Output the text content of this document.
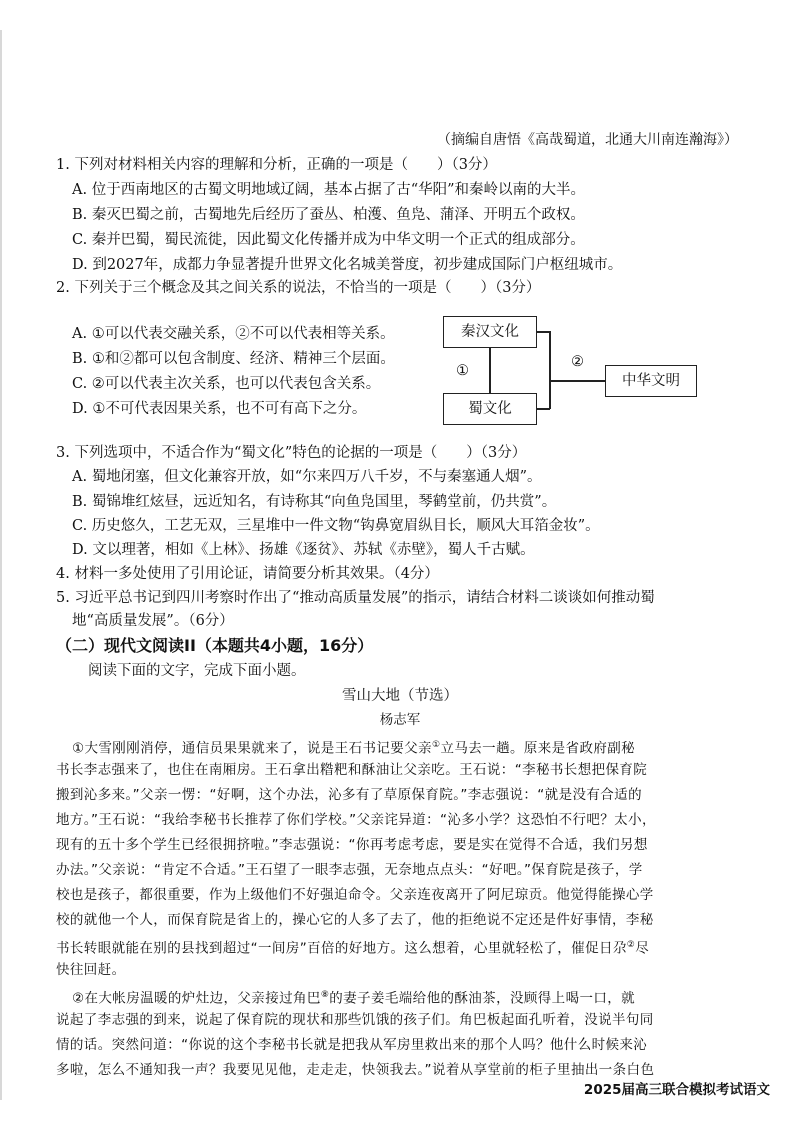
（摘编自唐悟《高哉蜀道，北通大川南连瀚海》）
1. 下列对材料相关内容的理解和分析，正确的一项是（　　）（3分）
A. 位于西南地区的古蜀文明地域辽阔，基本占据了古“华阳”和秦岭以南的大半。
B. 秦灭巴蜀之前，古蜀地先后经历了蚕丛、柏濩、鱼凫、蒲泽、开明五个政权。
C. 秦并巴蜀，蜀民流徙，因此蜀文化传播并成为中华文明一个正式的组成部分。
D. 到2027年，成都力争显著提升世界文化名城美誉度，初步建成国际门户枢纽城市。
2. 下列关于三个概念及其之间关系的说法，不恰当的一项是（　　）（3分）
A. ①可以代表交融关系，②不可以代表相等关系。
B. ①和②都可以包含制度、经济、精神三个层面。
C. ②可以代表主次关系，也可以代表包含关系。
D. ①不可代表因果关系，也不可有高下之分。
秦汉文化
蜀文化
中华文明
①
②
3. 下列选项中，不适合作为“蜀文化”特色的论据的一项是（　　）（3分）
A. 蜀地闭塞，但文化兼容开放，如“尔来四万八千岁，不与秦塞通人烟”。
B. 蜀锦堆红炫昼，远近知名，有诗称其“向鱼凫国里，琴鹤堂前，仍共赏”。
C. 历史悠久，工艺无双，三星堆中一件文物“钩鼻宽眉纵目长，顺风大耳箔金妆”。
D. 文以理著，相如《上林》、扬雄《逐贫》、苏轼《赤壁》，蜀人千古赋。
4. 材料一多处使用了引用论证，请简要分析其效果。（4分）
5. 习近平总书记到四川考察时作出了“推动高质量发展”的指示，请结合材料二谈谈如何推动蜀
地“高质量发展”。（6分）
（二）现代文阅读II（本题共4小题，16分）
阅读下面的文字，完成下面小题。
雪山大地（节选）
杨志军
①大雪刚刚消停，通信员果果就来了，说是王石书记要父亲①立马去一趟。原来是省政府副秘
书长李志强来了，也住在南厢房。王石拿出糌粑和酥油让父亲吃。王石说：“李秘书长想把保育院
搬到沁多来。”父亲一愣：“好啊，这个办法，沁多有了草原保育院。”李志强说：“就是没有合适的
地方。”王石说：“我给李秘书长推荐了你们学校。”父亲诧异道：“沁多小学？这恐怕不行吧？太小，
现有的五十多个学生已经很拥挤啦。”李志强说：“你再考虑考虑，要是实在觉得不合适，我们另想
办法。”父亲说：“肯定不合适。”王石望了一眼李志强，无奈地点点头：“好吧。”保育院是孩子，学
校也是孩子，都很重要，作为上级他们不好强迫命令。父亲连夜离开了阿尼琼贡。他觉得能操心学
校的就他一个人，而保育院是省上的，操心它的人多了去了，他的拒绝说不定还是件好事情，李秘
书长转眼就能在别的县找到超过“一间房”百倍的好地方。这么想着，心里就轻松了，催促日尕②尽
快往回赶。
②在大帐房温暖的炉灶边，父亲接过角巴⑧的妻子姜毛端给他的酥油茶，没顾得上喝一口，就
说起了李志强的到来，说起了保育院的现状和那些饥饿的孩子们。角巴板起面孔听着，没说半句同
情的话。突然问道：“你说的这个李秘书长就是把我从军房里救出来的那个人吗？他什么时候来沁
多啦，怎么不通知我一声？我要见见他，走走走，快领我去。”说着从享堂前的柜子里抽出一条白色
2025届高三联合模拟考试语文
